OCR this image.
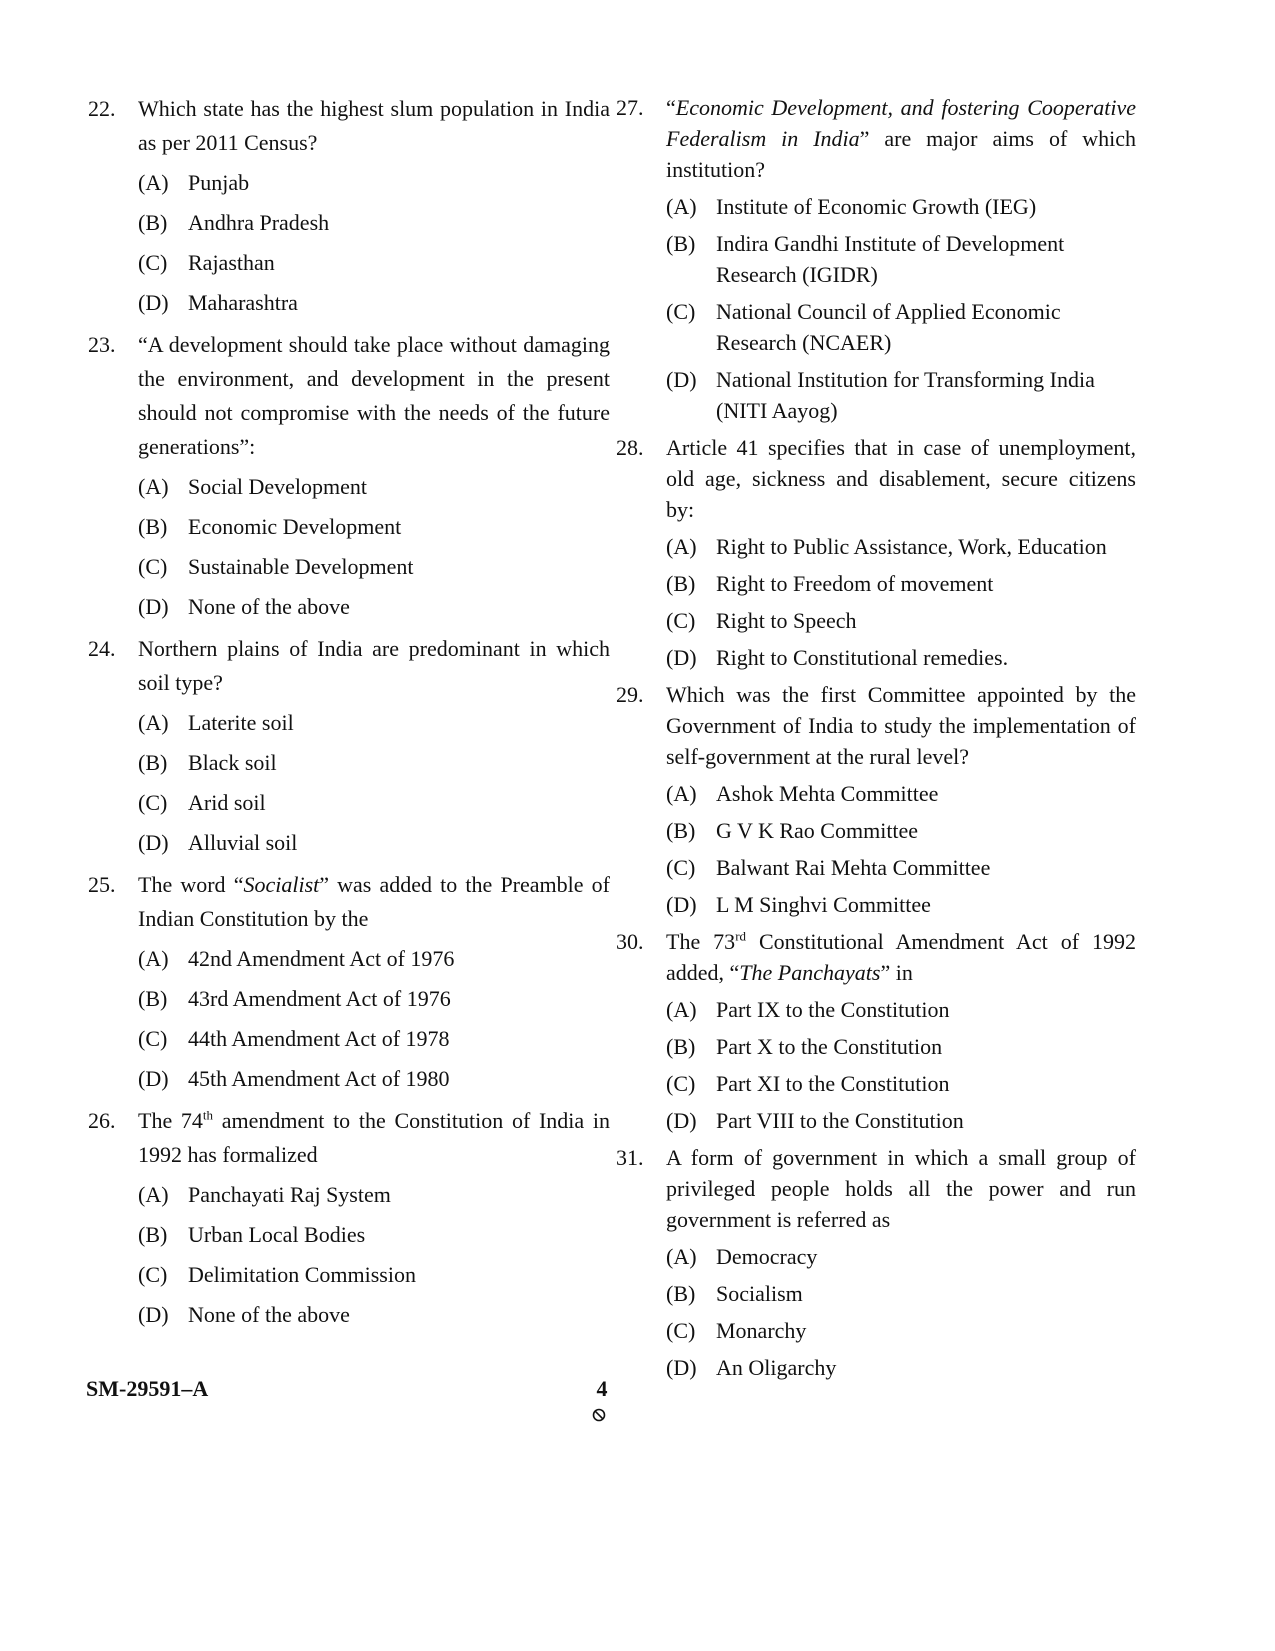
22. Which state has the highest slum population in India as per 2011 Census?
(A) Punjab
(B) Andhra Pradesh
(C) Rajasthan
(D) Maharashtra
23. “A development should take place without damaging the environment, and development in the present should not compromise with the needs of the future generations”:
(A) Social Development
(B) Economic Development
(C) Sustainable Development
(D) None of the above
24. Northern plains of India are predominant in which soil type?
(A) Laterite soil
(B) Black soil
(C) Arid soil
(D) Alluvial soil
25. The word “Socialist” was added to the Preamble of Indian Constitution by the
(A) 42nd Amendment Act of 1976
(B) 43rd Amendment Act of 1976
(C) 44th Amendment Act of 1978
(D) 45th Amendment Act of 1980
26. The 74th amendment to the Constitution of India in 1992 has formalized
(A) Panchayati Raj System
(B) Urban Local Bodies
(C) Delimitation Commission
(D) None of the above
27. “Economic Development, and fostering Cooperative Federalism in India” are major aims of which institution?
(A) Institute of Economic Growth (IEG)
(B) Indira Gandhi Institute of Development Research (IGIDR)
(C) National Council of Applied Economic Research (NCAER)
(D) National Institution for Transforming India (NITI Aayog)
28. Article 41 specifies that in case of unemployment, old age, sickness and disablement, secure citizens by:
(A) Right to Public Assistance, Work, Education
(B) Right to Freedom of movement
(C) Right to Speech
(D) Right to Constitutional remedies.
29. Which was the first Committee appointed by the Government of India to study the implementation of self-government at the rural level?
(A) Ashok Mehta Committee
(B) G V K Rao Committee
(C) Balwant Rai Mehta Committee
(D) L M Singhvi Committee
30. The 73rd Constitutional Amendment Act of 1992 added, “The Panchayats” in
(A) Part IX to the Constitution
(B) Part X to the Constitution
(C) Part XI to the Constitution
(D) Part VIII to the Constitution
31. A form of government in which a small group of privileged people holds all the power and run government is referred as
(A) Democracy
(B) Socialism
(C) Monarchy
(D) An Oligarchy
SM-29591–A	4
